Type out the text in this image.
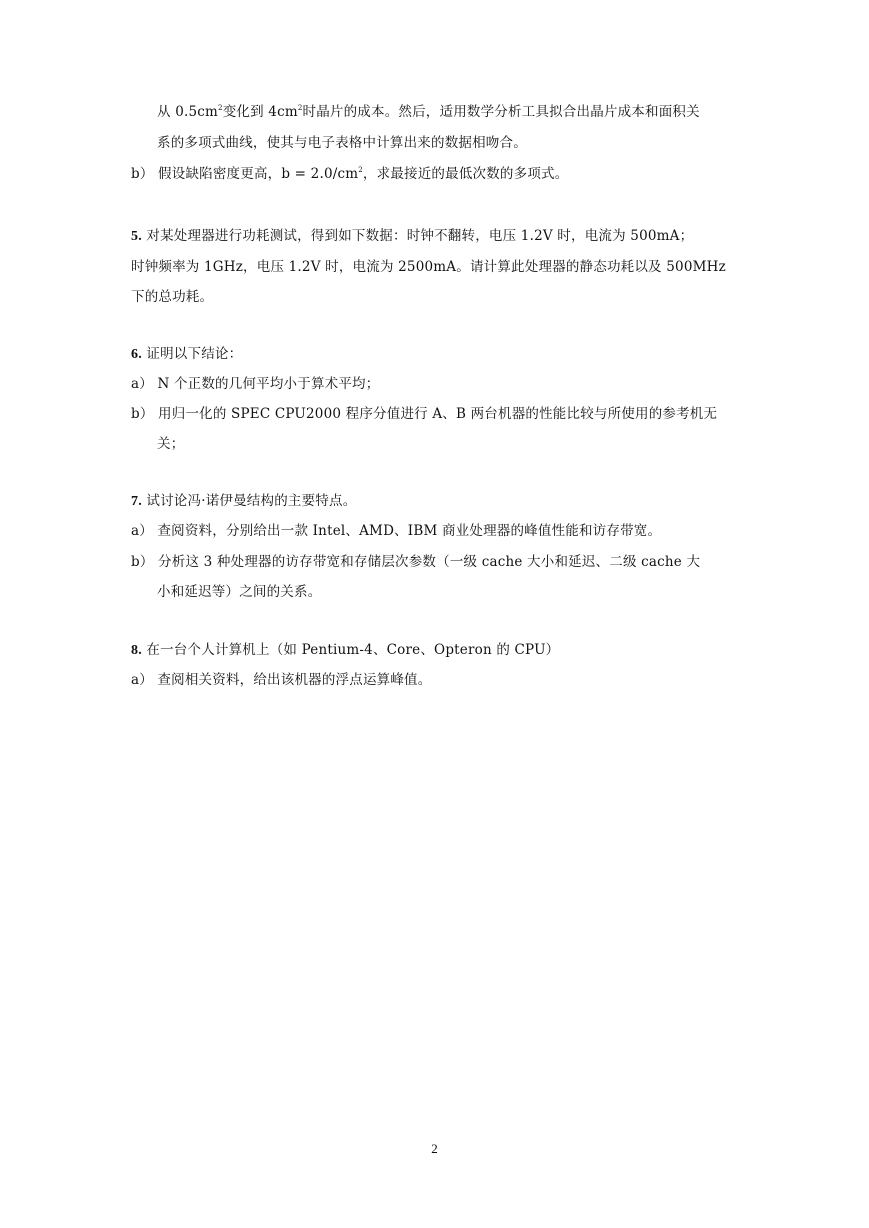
从 $0.5cm^2$变化到 $4cm^2$时晶片的成本。然后，适用数学分析工具拟合出晶片成本和面积关
系的多项式曲线，使其与电子表格中计算出来的数据相吻合。
b） 假设缺陷密度更高，$b = 2.0/cm^2$，求最接近的最低次数的多项式。
5. 对某处理器进行功耗测试，得到如下数据：时钟不翻转，电压 1.2V 时，电流为 500mA；
时钟频率为 1GHz，电压 1.2V 时，电流为 2500mA。请计算此处理器的静态功耗以及 500MHz
下的总功耗。
6. 证明以下结论：
a） N 个正数的几何平均小于算术平均；
b） 用归一化的 SPEC CPU2000 程序分值进行 A、B 两台机器的性能比较与所使用的参考机无
关；
7. 试讨论冯·诺伊曼结构的主要特点。
a） 查阅资料，分别给出一款 Intel、AMD、IBM 商业处理器的峰值性能和访存带宽。
b） 分析这 3 种处理器的访存带宽和存储层次参数（一级 cache 大小和延迟、二级 cache 大
小和延迟等）之间的关系。
8. 在一台个人计算机上（如 Pentium-4、Core、Opteron 的 CPU）
a） 查阅相关资料，给出该机器的浮点运算峰值。
2
